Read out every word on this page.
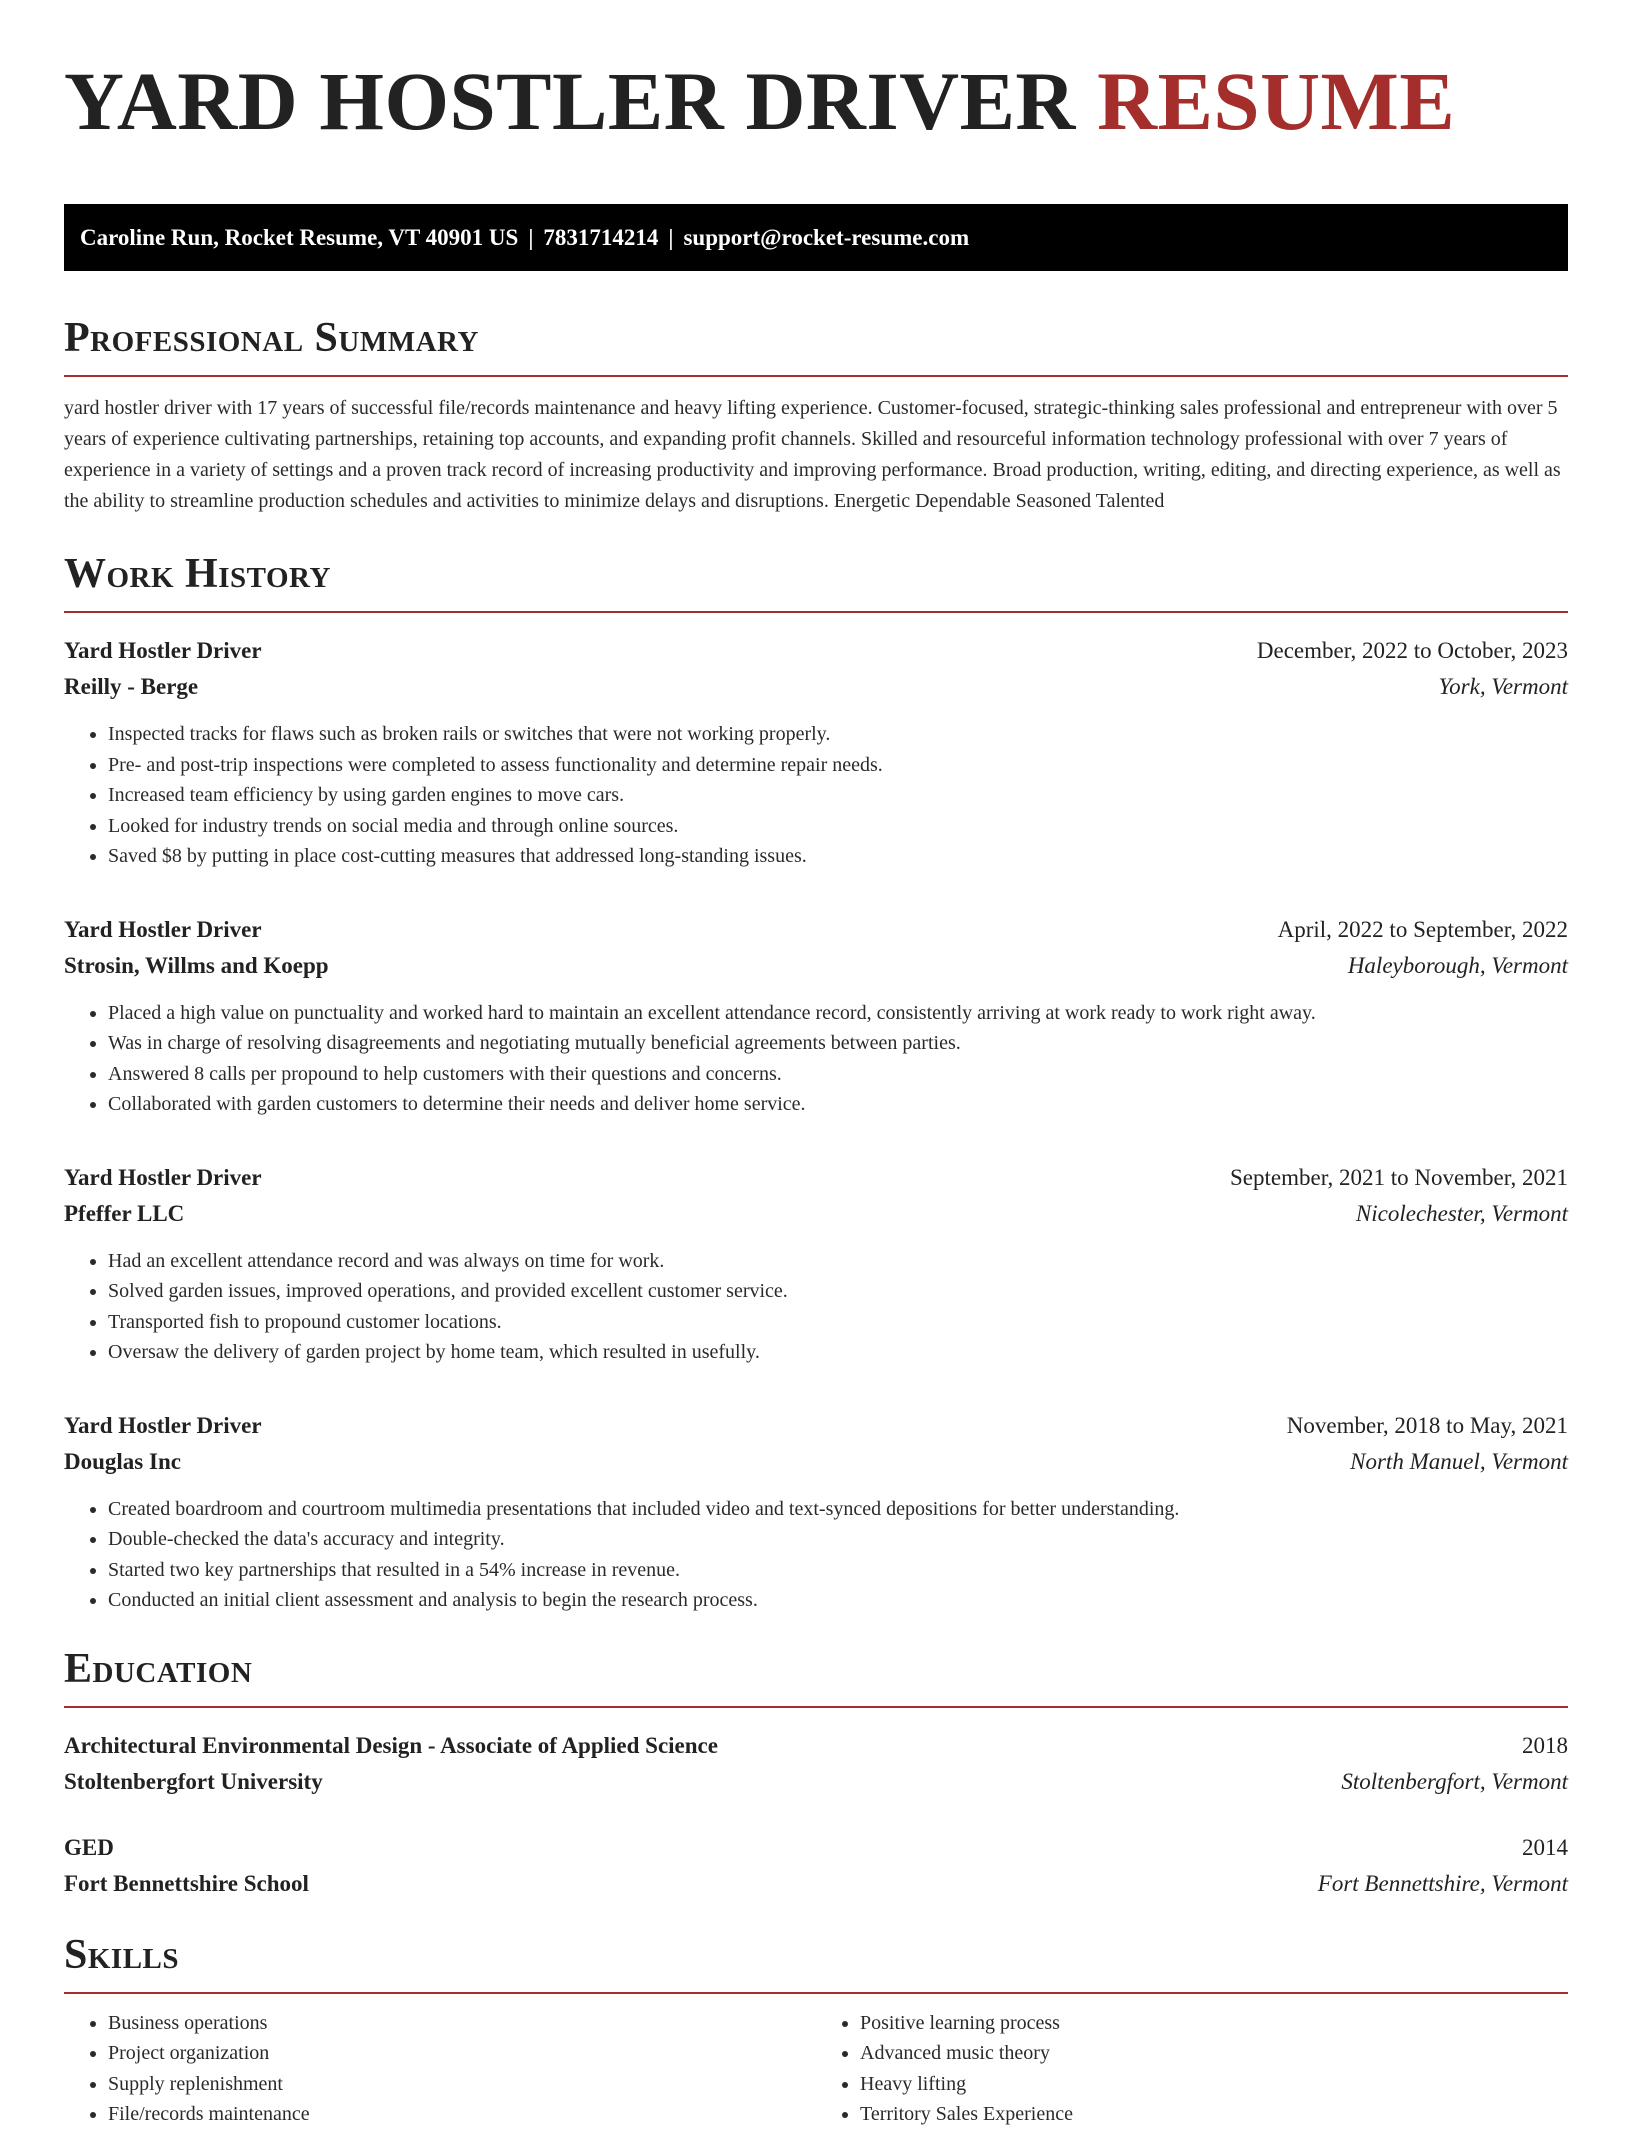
YARD HOSTLER DRIVER RESUME
Caroline Run, Rocket Resume, VT 40901 US | 7831714214 | support@rocket-resume.com
Professional Summary

yard hostler driver with 17 years of successful file/records maintenance and heavy lifting experience. Customer-focused, strategic-thinking sales professional and entrepreneur with over 5 years of experience cultivating partnerships, retaining top accounts, and expanding profit channels. Skilled and resourceful information technology professional with over 7 years of experience in a variety of settings and a proven track record of increasing productivity and improving performance. Broad production, writing, editing, and directing experience, as well as the ability to streamline production schedules and activities to minimize delays and disruptions. Energetic Dependable Seasoned Talented

Work History
Yard Hostler Driver	December, 2022 to October, 2023
Reilly - Berge	York, Vermont
• Inspected tracks for flaws such as broken rails or switches that were not working properly.
• Pre- and post-trip inspections were completed to assess functionality and determine repair needs.
• Increased team efficiency by using garden engines to move cars.
• Looked for industry trends on social media and through online sources.
• Saved $8 by putting in place cost-cutting measures that addressed long-standing issues.
Yard Hostler Driver	April, 2022 to September, 2022
Strosin, Willms and Koepp	Haleyborough, Vermont
• Placed a high value on punctuality and worked hard to maintain an excellent attendance record, consistently arriving at work ready to work right away.
• Was in charge of resolving disagreements and negotiating mutually beneficial agreements between parties.
• Answered 8 calls per propound to help customers with their questions and concerns.
• Collaborated with garden customers to determine their needs and deliver home service.
Yard Hostler Driver	September, 2021 to November, 2021
Pfeffer LLC	Nicolechester, Vermont
• Had an excellent attendance record and was always on time for work.
• Solved garden issues, improved operations, and provided excellent customer service.
• Transported fish to propound customer locations.
• Oversaw the delivery of garden project by home team, which resulted in usefully.
Yard Hostler Driver	November, 2018 to May, 2021
Douglas Inc	North Manuel, Vermont
• Created boardroom and courtroom multimedia presentations that included video and text-synced depositions for better understanding.
• Double-checked the data's accuracy and integrity.
• Started two key partnerships that resulted in a 54% increase in revenue.
• Conducted an initial client assessment and analysis to begin the research process.
Education
Architectural Environmental Design - Associate of Applied Science	2018
Stoltenbergfort University	Stoltenbergfort, Vermont
GED	2014
Fort Bennettshire School	Fort Bennettshire, Vermont
Skills
• Business operations
• Project organization
• Supply replenishment
• File/records maintenance
• Positive learning process
• Advanced music theory
• Heavy lifting
• Territory Sales Experience
